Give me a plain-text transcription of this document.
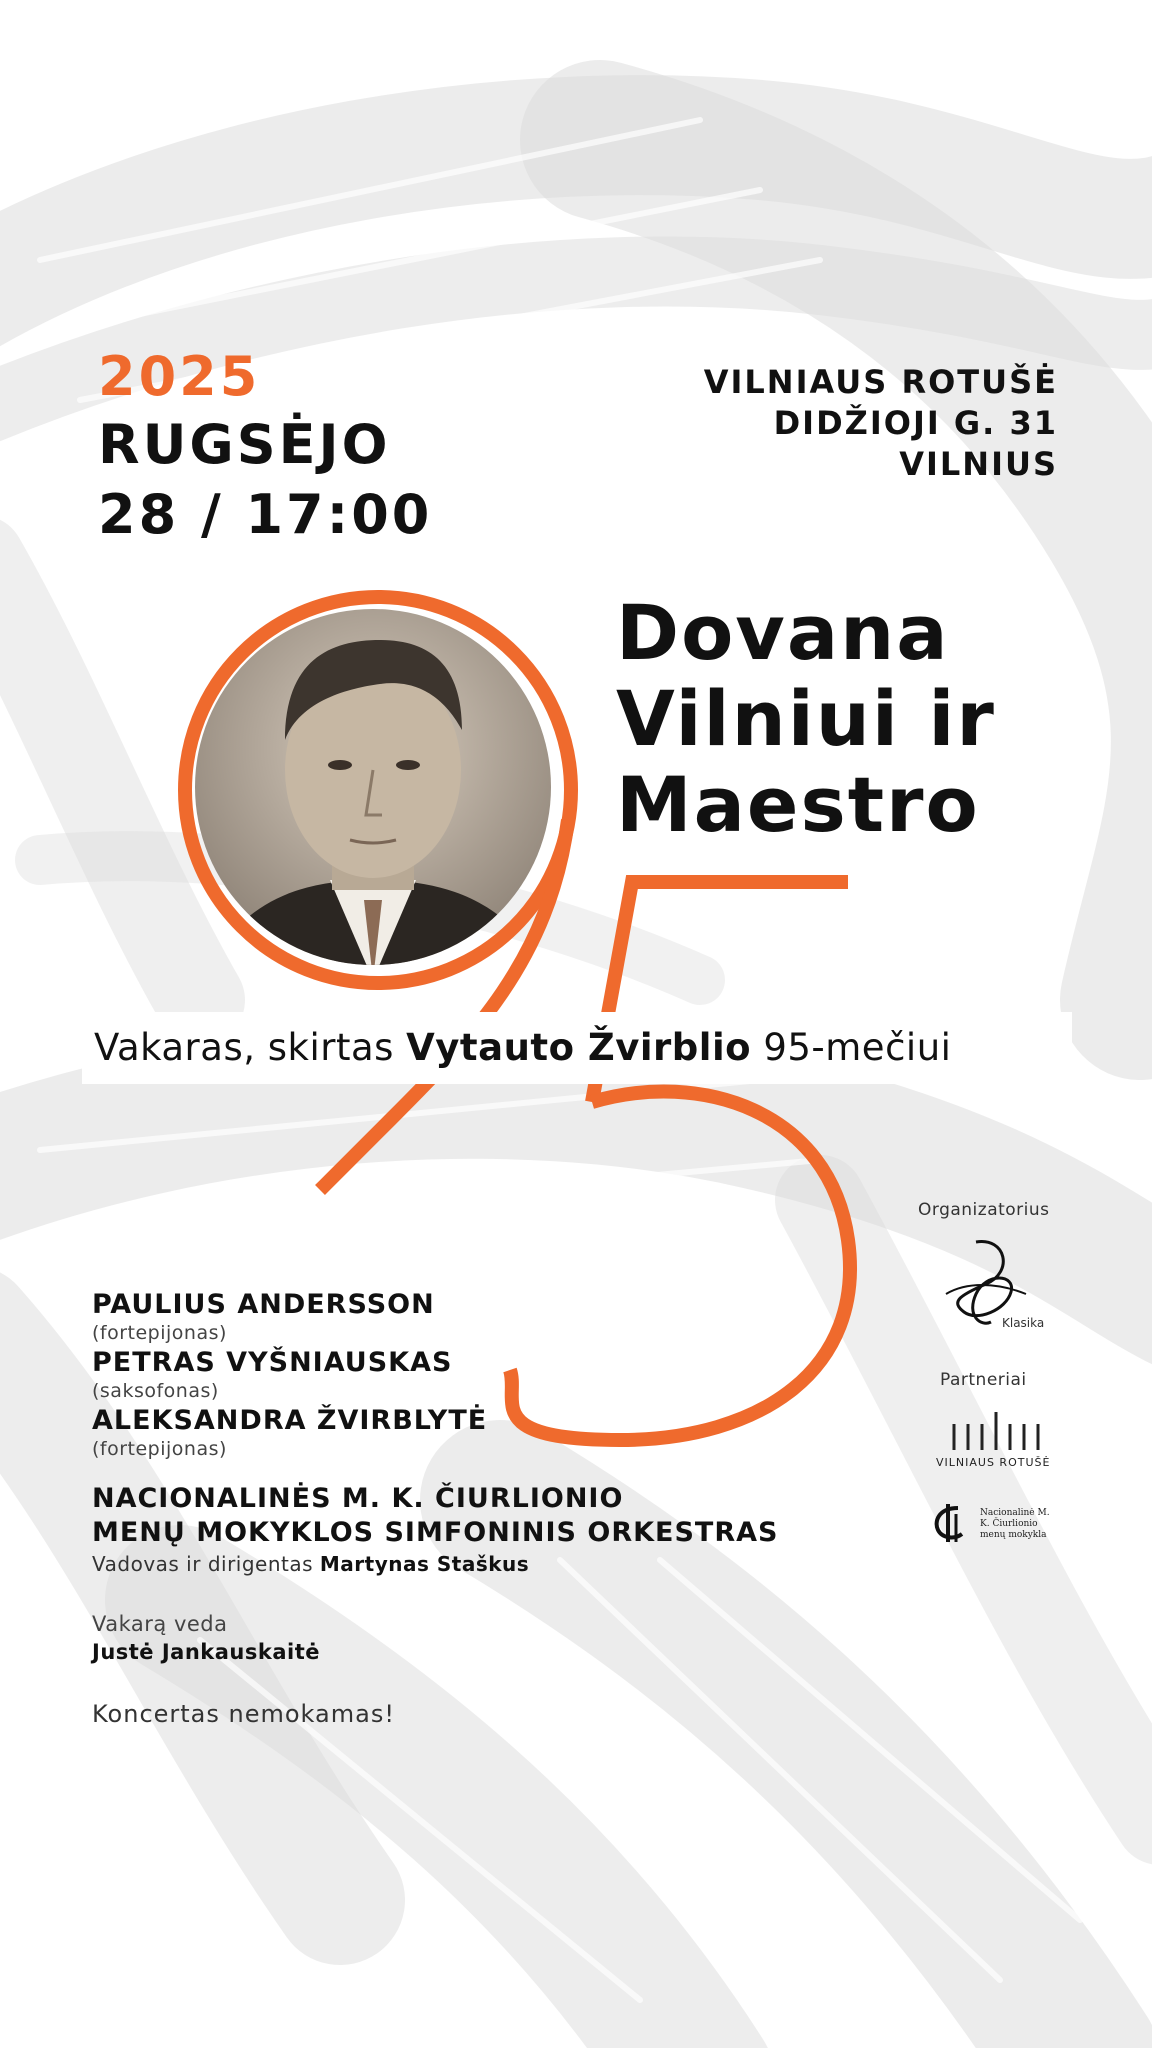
2025
RUGSĖJO
28 / 17:00
VILNIAUS ROTUŠĖ
DIDŽIOJI G. 31
VILNIUS
Dovana
Vilniui ir
Maestro
Vakaras, skirtas Vytauto Žvirblio 95-mečiui
PAULIUS ANDERSSON
(fortepijonas)
PETRAS VYŠNIAUSKAS
(saksofonas)
ALEKSANDRA ŽVIRBLYTĖ
(fortepijonas)
NACIONALINĖS M. K. ČIURLIONIO
MENŲ MOKYKLOS SIMFONINIS ORKESTRAS
Vadovas ir dirigentas Martynas Staškus
Vakarą veda
Justė Jankauskaitė
Koncertas nemokamas!
Organizatorius
Klasika
Partneriai
VILNIAUS ROTUŠĖ
Nacionalinė M. K. Čiurlionio menų mokykla
